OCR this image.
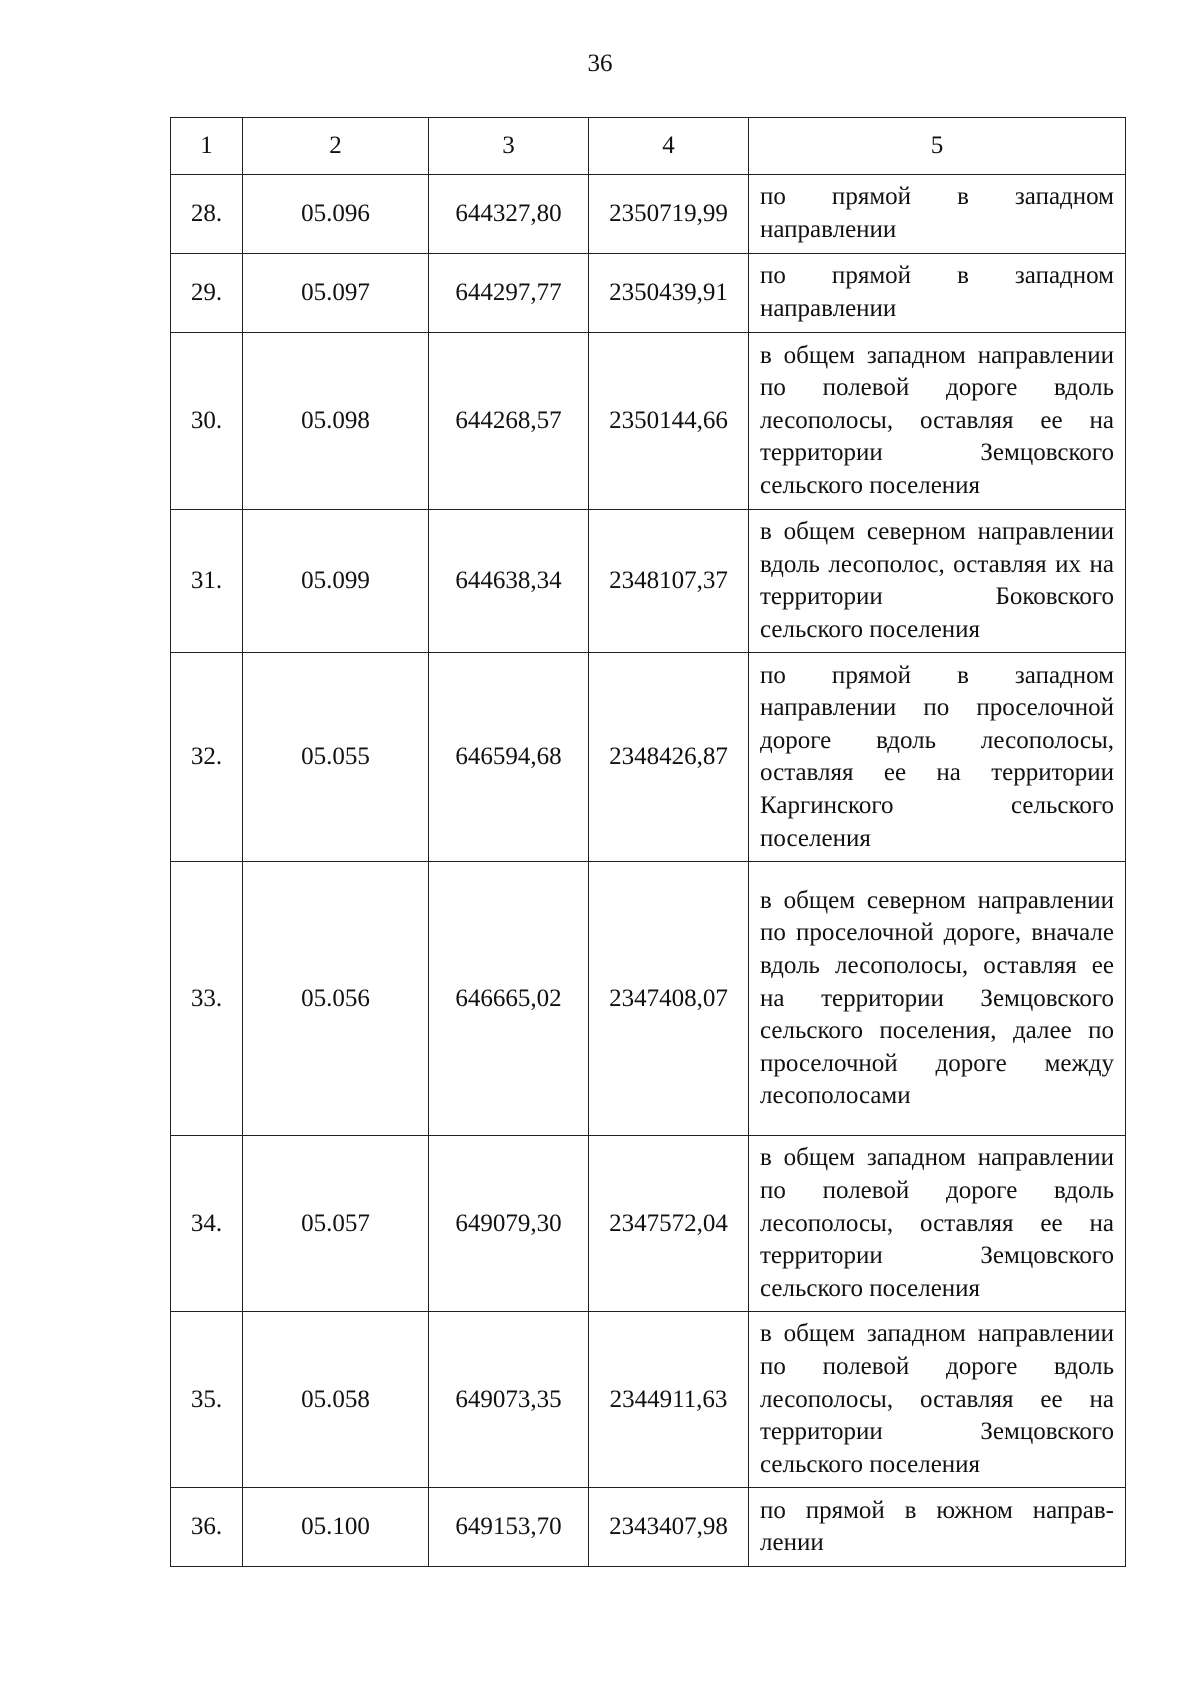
36
1	2	3	4	5
28.	05.096	644327,80	2350719,99	по прямой в западном направлении

29.	05.097	644297,77	2350439,91	по прямой в западном направлении

30.	05.098	644268,57	2350144,66	в общем западном направлении по полевой дороге вдоль лесополосы, оставляя ее на территории Земцовского сельского поселения

31.	05.099	644638,34	2348107,37	в общем северном направлении вдоль лесополос, оставляя их на территории Боковского сельского поселения

32.	05.055	646594,68	2348426,87	по прямой в западном направлении по проселочной дороге вдоль лесополосы, оставляя ее на территории Каргинского сельского поселения

33.	05.056	646665,02	2347408,07	в общем северном направлении по проселочной дороге, вначале вдоль лесополосы, оставляя ее на территории Земцовского сельского поселения, далее по проселочной дороге между лесополосами

34.	05.057	649079,30	2347572,04	в общем западном направлении по полевой дороге вдоль лесополосы, оставляя ее на территории Земцовского сельского поселения

35.	05.058	649073,35	2344911,63	в общем западном направлении по полевой дороге вдоль лесополосы, оставляя ее на территории Земцовского сельского поселения

36.	05.100	649153,70	2343407,98	по прямой в южном направлении
